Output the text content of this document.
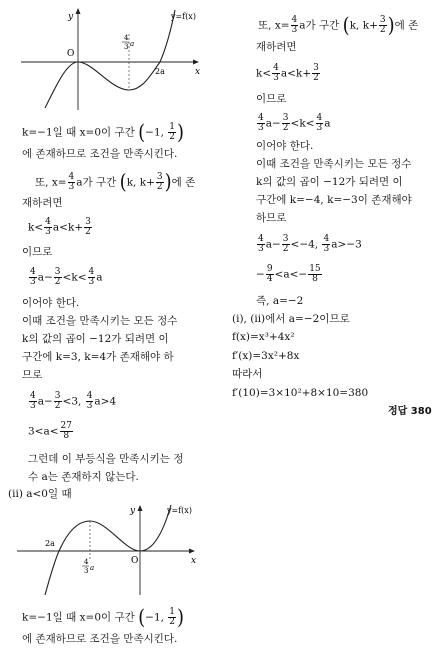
y	y=f(x)
O
x
2a
4
3 a
k=−1일 때 x=0이 구간 (−1, $\frac{1}{2}$ )
에 존재하므로 조건을 만족시킨다.
또, $x= \frac{4}{3}$ a가 구간 (k, $k+ \frac{3}{2}$ )에 존
재하려면
$k< \frac{4}{3} a<k+ \frac{3}{2}$
이므로
$\frac{4}{3} a- \frac{3}{2} <k< \frac{4}{3}$ a
이어야 한다.
이때 조건을 만족시키는 모든 정수
k의 값의 곱이 −12가 되려면 이
구간에 k=3, k=4가 존재해야 하
므로
$\frac{4}{3} a- \frac{3}{2} <3$, $\frac{4}{3} a>4$
$3<a< \frac{27}{8}$
그런데 이 부등식을 만족시키는 정
수 a는 존재하지 않는다.
(ⅱ) a<0일 때
y	y=f(x)
O	x
2a
4
3 a
k=−1일 때 x=0이 구간 (−1, $\frac{1}{2}$ )
에 존재하므로 조건을 만족시킨다.
또, $x= \frac{4}{3}$ a가 구간 (k, $k+ \frac{3}{2}$ )에 존
재하려면
$k< \frac{4}{3} a<k+ \frac{3}{2}$
이므로
$\frac{4}{3} a- \frac{3}{2} <k< \frac{4}{3}$ a
이어야 한다.
이때 조건을 만족시키는 모든 정수
k의 값의 곱이 −12가 되려면 이
구간에 k=−4, k=−3이 존재해야
하므로
$\frac{4}{3} a- \frac{3}{2} <-4$, $\frac{4}{3} a>-3$
− $\frac{9}{4} <a<- \frac{15}{8}$
즉, a=−2
(ⅰ), (ⅱ)에서 a=−2이므로
f(x)=x³+4x²
f′(x)=3x²+8x
따라서
f′(10)=3×10²+8×10=380
정답 380
